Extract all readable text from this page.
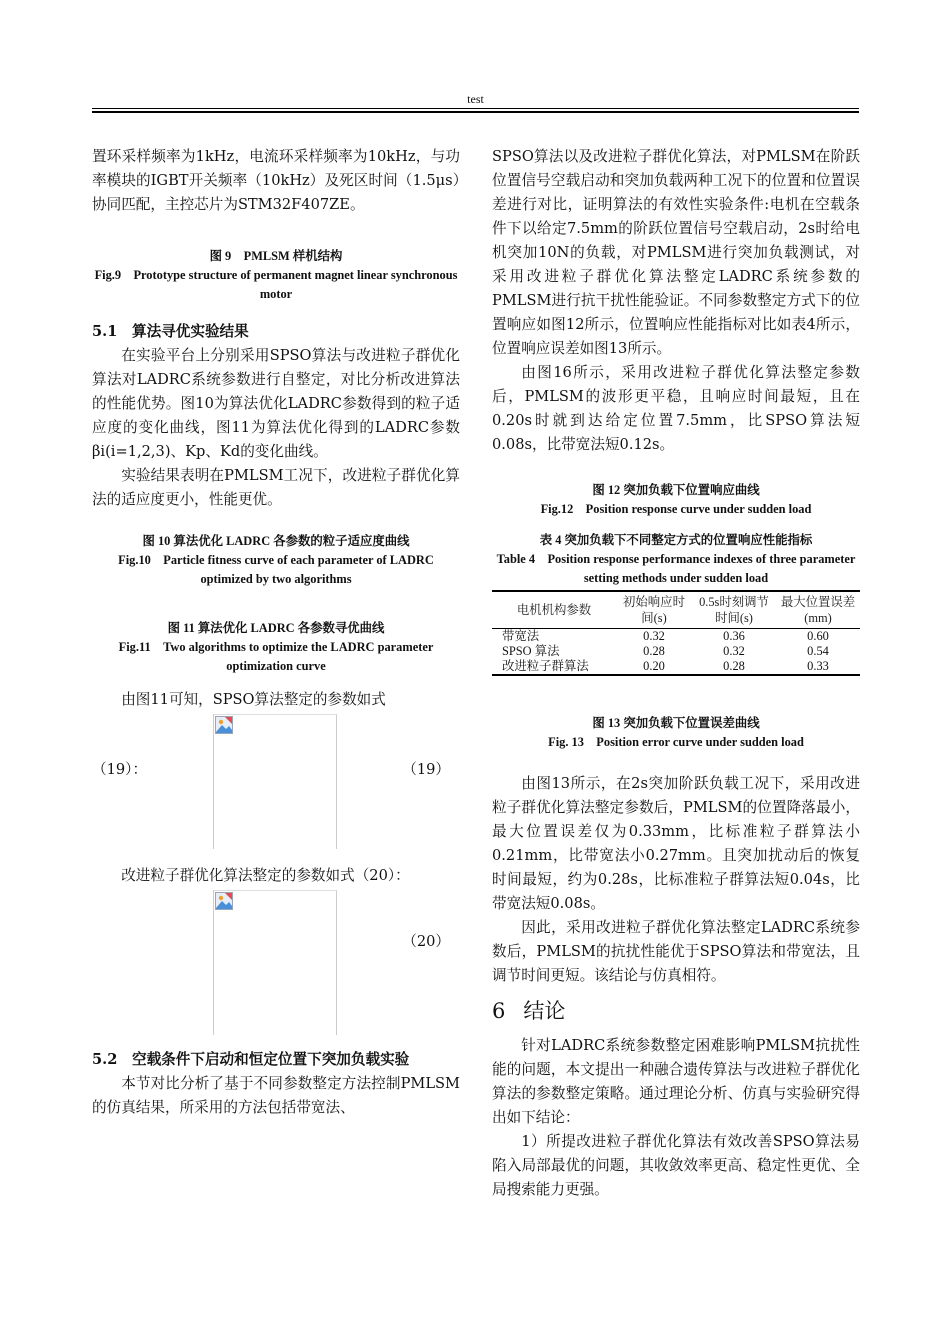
test

置环采样频率为1kHz，电流环采样频率为10kHz，与功率模块的IGBT开关频率（10kHz）及死区时间（1.5μs）协同匹配，主控芯片为STM32F407ZE。

图 9　PMLSM 样机结构

Fig.9　Prototype structure of permanent magnet linear synchronous motor

5.1　算法寻优实验结果

在实验平台上分别采用SPSO算法与改进粒子群优化算法对LADRC系统参数进行自整定，对比分析改进算法的性能优势。图10为算法优化LADRC参数得到的粒子适应度的变化曲线，图11为算法优化得到的LADRC参数βi(i=1,2,3)、Kp、Kd的变化曲线。

实验结果表明在PMLSM工况下，改进粒子群优化算法的适应度更小，性能更优。

图 10 算法优化 LADRC 各参数的粒子适应度曲线

Fig.10　Particle fitness curve of each parameter of LADRC optimized by two algorithms

图 11 算法优化 LADRC 各参数寻优曲线

Fig.11　Two algorithms to optimize the LADRC parameter optimization curve

由图11可知，SPSO算法整定的参数如式

（19）：	（19）

改进粒子群优化算法整定的参数如式（20）：

（20）

5.2　空载条件下启动和恒定位置下突加负载实验

本节对比分析了基于不同参数整定方法控制PMLSM的仿真结果，所采用的方法包括带宽法、

SPSO算法以及改进粒子群优化算法，对PMLSM在阶跃位置信号空载启动和突加负载两种工况下的位置和位置误差进行对比，证明算法的有效性实验条件:电机在空载条件下以给定7.5mm的阶跃位置信号空载启动，2s时给电机突加10N的负载，对PMLSM进行突加负载测试，对采用改进粒子群优化算法整定LADRC系统参数的PMLSM进行抗干扰性能验证。不同参数整定方式下的位置响应如图12所示，位置响应性能指标对比如表4所示，位置响应误差如图13所示。

由图16所示，采用改进粒子群优化算法整定参数后，PMLSM的波形更平稳，且响应时间最短，且在0.20s时就到达给定位置7.5mm，比SPSO算法短0.08s，比带宽法短0.12s。

图 12 突加负载下位置响应曲线

Fig.12　Position response curve under sudden load

表 4 突加负载下不同整定方式的位置响应性能指标

Table 4　Position response performance indexes of three parameter setting methods under sudden load

电机机构参数	初始响应时间(s)	0.5s时刻调节时间(s)	最大位置误差(mm)
带宽法	0.32	0.36	0.60
SPSO 算法	0.28	0.32	0.54
改进粒子群算法	0.20	0.28	0.33

图 13 突加负载下位置误差曲线

Fig. 13　Position error curve under sudden load

由图13所示，在2s突加阶跃负载工况下，采用改进粒子群优化算法整定参数后，PMLSM的位置降落最小，最大位置误差仅为0.33mm，比标准粒子群算法小0.21mm，比带宽法小0.27mm。且突加扰动后的恢复时间最短，约为0.28s，比标准粒子群算法短0.04s，比带宽法短0.08s。

因此，采用改进粒子群优化算法整定LADRC系统参数后，PMLSM的抗扰性能优于SPSO算法和带宽法，且调节时间更短。该结论与仿真相符。

6 结论

针对LADRC系统参数整定困难影响PMLSM抗扰性能的问题，本文提出一种融合遗传算法与改进粒子群优化算法的参数整定策略。通过理论分析、仿真与实验研究得出如下结论：

1）所提改进粒子群优化算法有效改善SPSO算法易陷入局部最优的问题，其收敛效率更高、稳定性更优、全局搜索能力更强。
